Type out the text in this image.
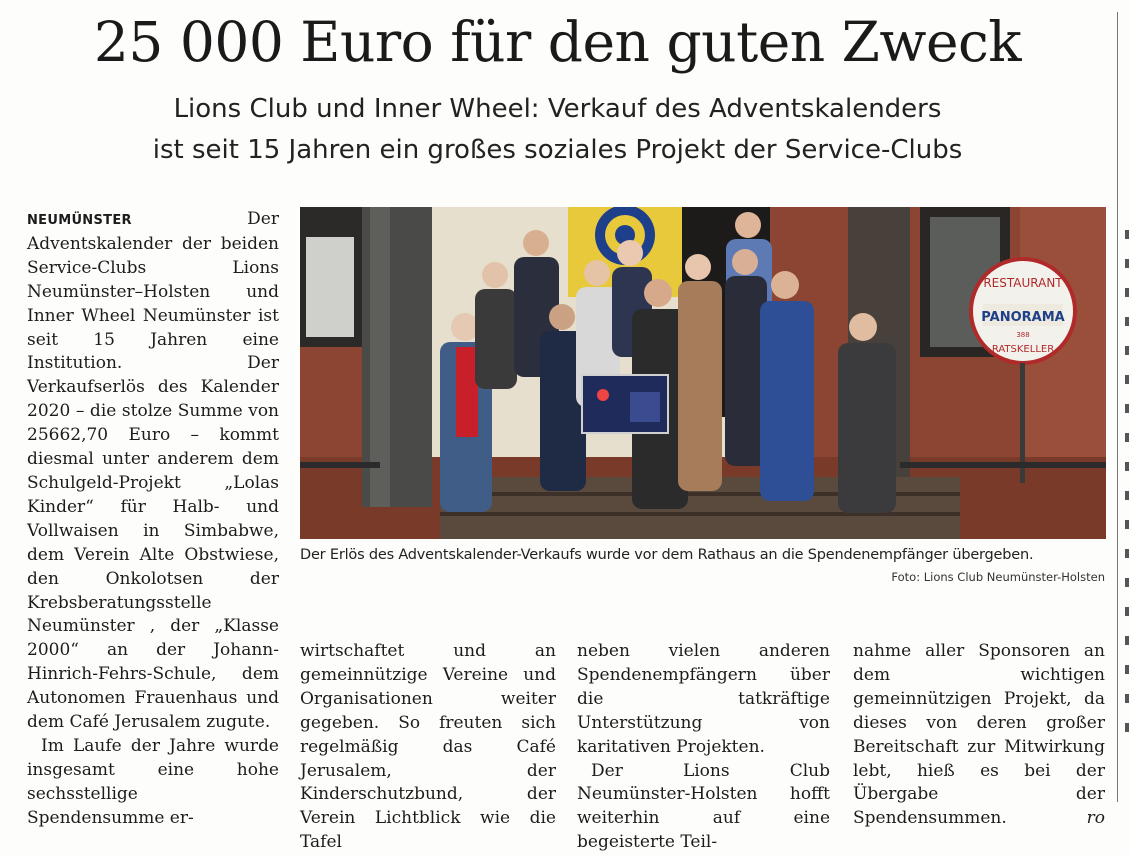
25 000 Euro für den guten Zweck

Lions Club und Inner Wheel: Verkauf des Adventskalenders

ist seit 15 Jahren ein großes soziales Projekt der Service-Clubs

NEUMÜNSTER	Der Adventskalender der beiden Service-Clubs Lions Neumünster–Holsten und Inner Wheel Neumünster ist seit 15 Jahren eine Institution. Der Verkaufserlös des Kalender 2020 – die stolze Summe von 25662,70 Euro – kommt diesmal unter anderem dem Schulgeld-Projekt „Lolas Kinder“ für Halb- und Vollwaisen in Simbabwe, dem Verein Alte Obstwiese, den Onkolotsen der Krebsberatungsstelle Neumünster , der „Klasse 2000“ an der Johann-Hinrich-Fehrs-Schule, dem Autonomen Frauenhaus und dem Café Jerusalem zugute.

Im Laufe der Jahre wurde insgesamt eine hohe sechsstellige Spendensumme er-

RESTAURANT
PANORAMA
388
RATSKELLER
Der Erlös des Adventskalender-Verkaufs wurde vor dem Rathaus an die Spendenempfänger übergeben.
Foto: Lions Club Neumünster-Holsten

wirtschaftet und an gemeinnützige Vereine und Organisationen weiter gegeben. So freuten sich regelmäßig das Café Jerusalem, der Kinderschutzbund, der Verein Lichtblick wie die Tafel

neben vielen anderen Spendenempfängern über die tatkräftige Unterstützung von karitativen Projekten.

Der Lions Club Neumünster-Holsten hofft weiterhin auf eine begeisterte Teil-

nahme aller Sponsoren an dem wichtigen gemeinnützigen Projekt, da dieses von deren großer Bereitschaft zur Mitwirkung lebt, hieß es bei der Übergabe der Spendensummen.	ro
